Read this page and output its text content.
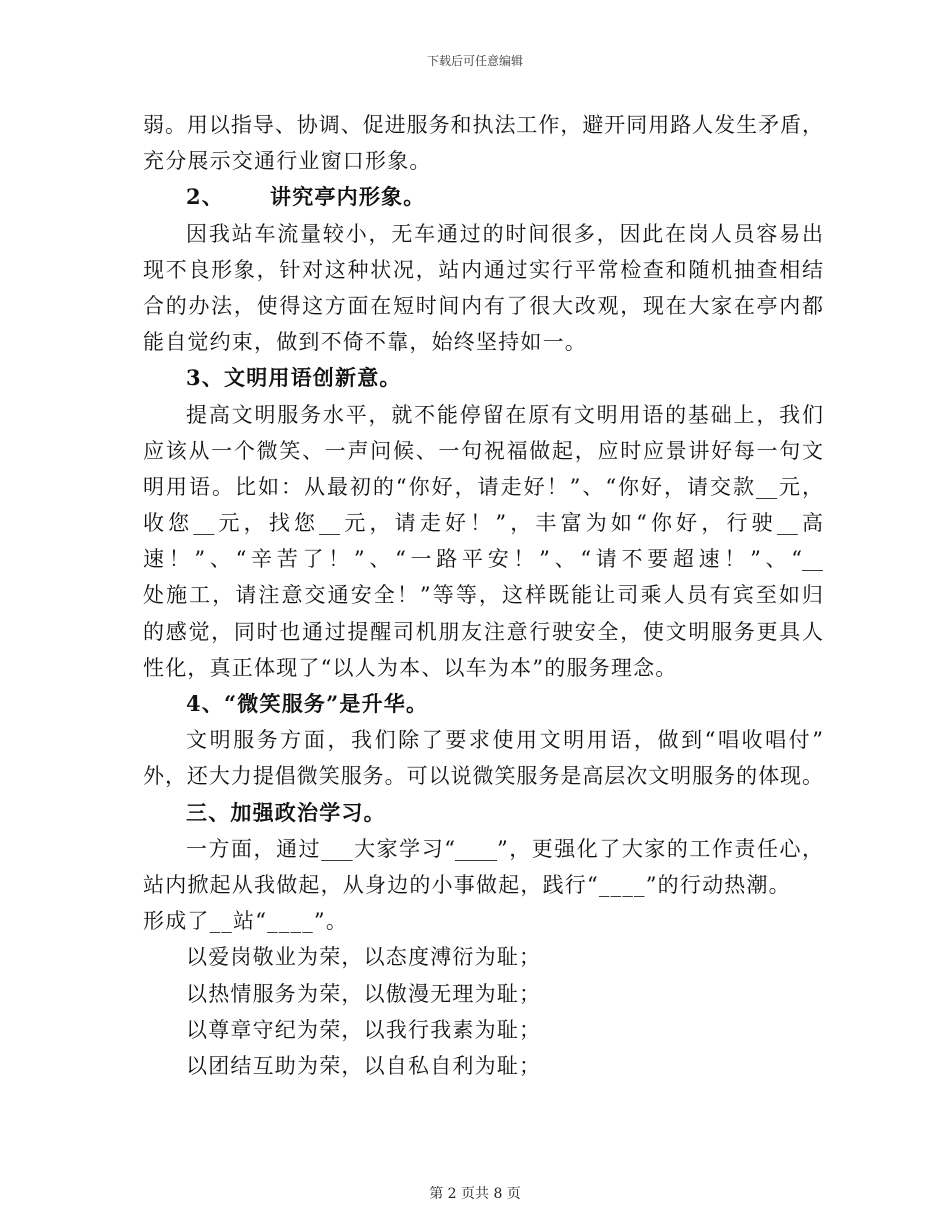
下载后可任意编辑
弱。用以指导、协调、促进服务和执法工作，避开同用路人发生矛盾，
充分展示交通行业窗口形象。
2、 讲究亭内形象。
因我站车流量较小，无车通过的时间很多，因此在岗人员容易出
现不良形象，针对这种状况，站内通过实行平常检查和随机抽查相结
合的办法，使得这方面在短时间内有了很大改观，现在大家在亭内都
能自觉约束，做到不倚不靠，始终坚持如一。
3、文明用语创新意。
提高文明服务水平，就不能停留在原有文明用语的基础上，我们
应该从一个微笑、一声问候、一句祝福做起，应时应景讲好每一句文
明用语。比如：从最初的“你好，请走好！”、“你好，请交款__元，
收您__元，找您__元，请走好！”，丰富为如“你好，行驶__高
速！”、“辛苦了！”、“一路平安！”、“请不要超速！”、“__
处施工，请注意交通安全！”等等，这样既能让司乘人员有宾至如归
的感觉，同时也通过提醒司机朋友注意行驶安全，使文明服务更具人
性化，真正体现了“以人为本、以车为本”的服务理念。
4、“微笑服务”是升华。
文明服务方面，我们除了要求使用文明用语，做到“唱收唱付”
外，还大力提倡微笑服务。可以说微笑服务是高层次文明服务的体现。
三、加强政治学习。
一方面，通过___大家学习“____”，更强化了大家的工作责任心，
站内掀起从我做起，从身边的小事做起，践行“____”的行动热潮。
形成了__站“____”。
以爱岗敬业为荣，以态度溥衍为耻；
以热情服务为荣，以傲漫无理为耻；
以尊章守纪为荣，以我行我素为耻；
以团结互助为荣，以自私自利为耻；
第 2 页共 8 页
